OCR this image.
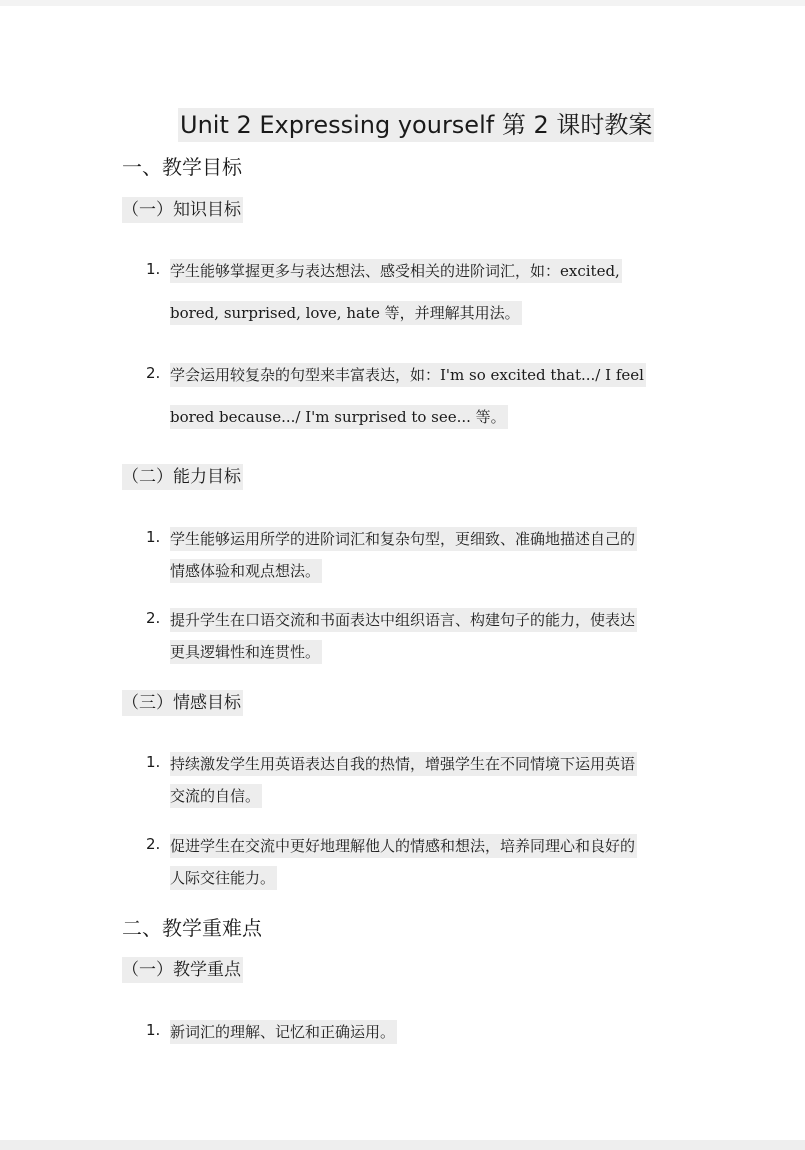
Unit 2 Expressing yourself 第 2 课时教案
一、教学目标
（一）知识目标
1. 学生能够掌握更多与表达想法、感受相关的进阶词汇，如：excited,
bored, surprised, love, hate 等，并理解其用法。
2. 学会运用较复杂的句型来丰富表达，如：I'm so excited that.../ I feel
bored because.../ I'm surprised to see... 等。
（二）能力目标
1. 学生能够运用所学的进阶词汇和复杂句型，更细致、准确地描述自己的
情感体验和观点想法。
2. 提升学生在口语交流和书面表达中组织语言、构建句子的能力，使表达
更具逻辑性和连贯性。
（三）情感目标
1. 持续激发学生用英语表达自我的热情，增强学生在不同情境下运用英语
交流的自信。
2. 促进学生在交流中更好地理解他人的情感和想法，培养同理心和良好的
人际交往能力。
二、教学重难点
（一）教学重点
1. 新词汇的理解、记忆和正确运用。
